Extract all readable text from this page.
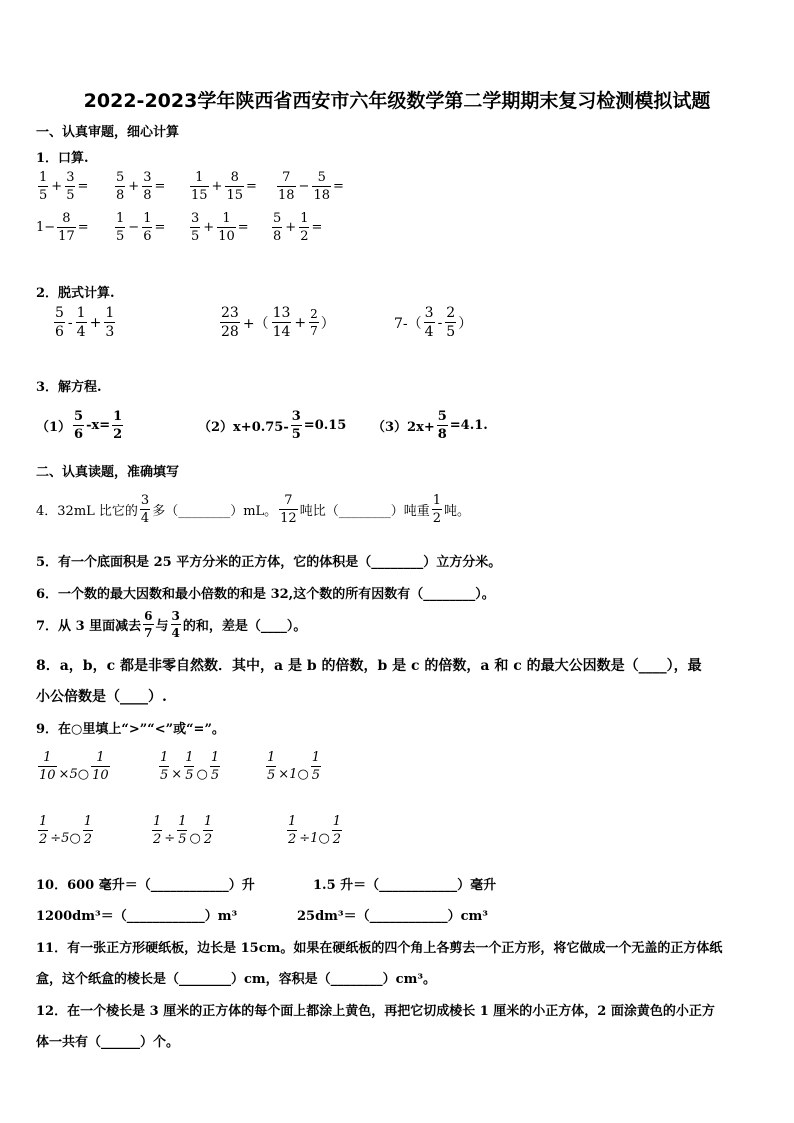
2022-2023学年陕西省西安市六年级数学第二学期期末复习检测模拟试题
一、认真审题，细心计算
1．口算.
$\frac{1}{5} + \frac{3}{5} = \frac{5}{8} + \frac{3}{8} = \frac{1}{15} + \frac{8}{15} = \frac{7}{18} - \frac{5}{18}$ =
$1- \frac{8}{17} = \frac{1}{5} - \frac{1}{6} = \frac{3}{5} + \frac{1}{10} = \frac{5}{8} + \frac{1}{2}$ =
2．脱式计算.
$\frac{5}{6} - \frac{1}{4} + \frac{1}{3}$	$\frac{23}{28}$ +（ $\frac{13}{14} + \frac{2}{7}$ ）	$7-( \frac{3}{4} - \frac{2}{5}$ ）
3．解方程.
$(1) \frac{5}{6} -x= \frac{1}{2}$	$(2)x+0.75- \frac{3}{5} =0.15$ $(3)2x+ \frac{5}{8} =4.1$.
二、认真读题，准确填写
4．32mL 比它的 $\frac{3}{4}$ 多（________）mL。 $\frac{7}{12}$ 吨比（________）吨重 $\frac{1}{2}$ 吨。
5．有一个底面积是 25 平方分米的正方体，它的体积是（________）立方分米。
6．一个数的最大因数和最小倍数的和是 32,这个数的所有因数有（________）。
7．从 3 里面减去 $\frac{6}{7}$ 与 $\frac{3}{4}$ 的和，差是（____）。
8．a，b，c 都是非零自然数．其中，a 是 b 的倍数，b 是 c 的倍数，a 和 c 的最大公因数是（____），最
小公倍数是（____）.
9．在○里填上“>”“<”或“=”。
$\frac{1}{10}$ ×5○ $\frac{1}{10}$	$\frac{1}{5} \times \frac{1}{5}$ ○ $\frac{1}{5}$	$\frac{1}{5}$ ×1○ $\frac{1}{5}$
$\frac{1}{2}$ ÷5○ $\frac{1}{2}$	$\frac{1}{2} \div \frac{1}{5}$ ○ $\frac{1}{2}$	$\frac{1}{2}$ ÷1○ $\frac{1}{2}$
10．600 毫升＝（____________）升	1.5 升＝（____________）毫升
1200dm³＝（____________）m³	25dm³＝（____________）cm³
11．有一张正方形硬纸板，边长是 15cm。如果在硬纸板的四个角上各剪去一个正方形，将它做成一个无盖的正方体纸
盒，这个纸盒的棱长是（________）cm，容积是（________）cm³。
12．在一个棱长是 3 厘米的正方体的每个面上都涂上黄色，再把它切成棱长 1 厘米的小正方体，2 面涂黄色的小正方
体一共有（______）个。
